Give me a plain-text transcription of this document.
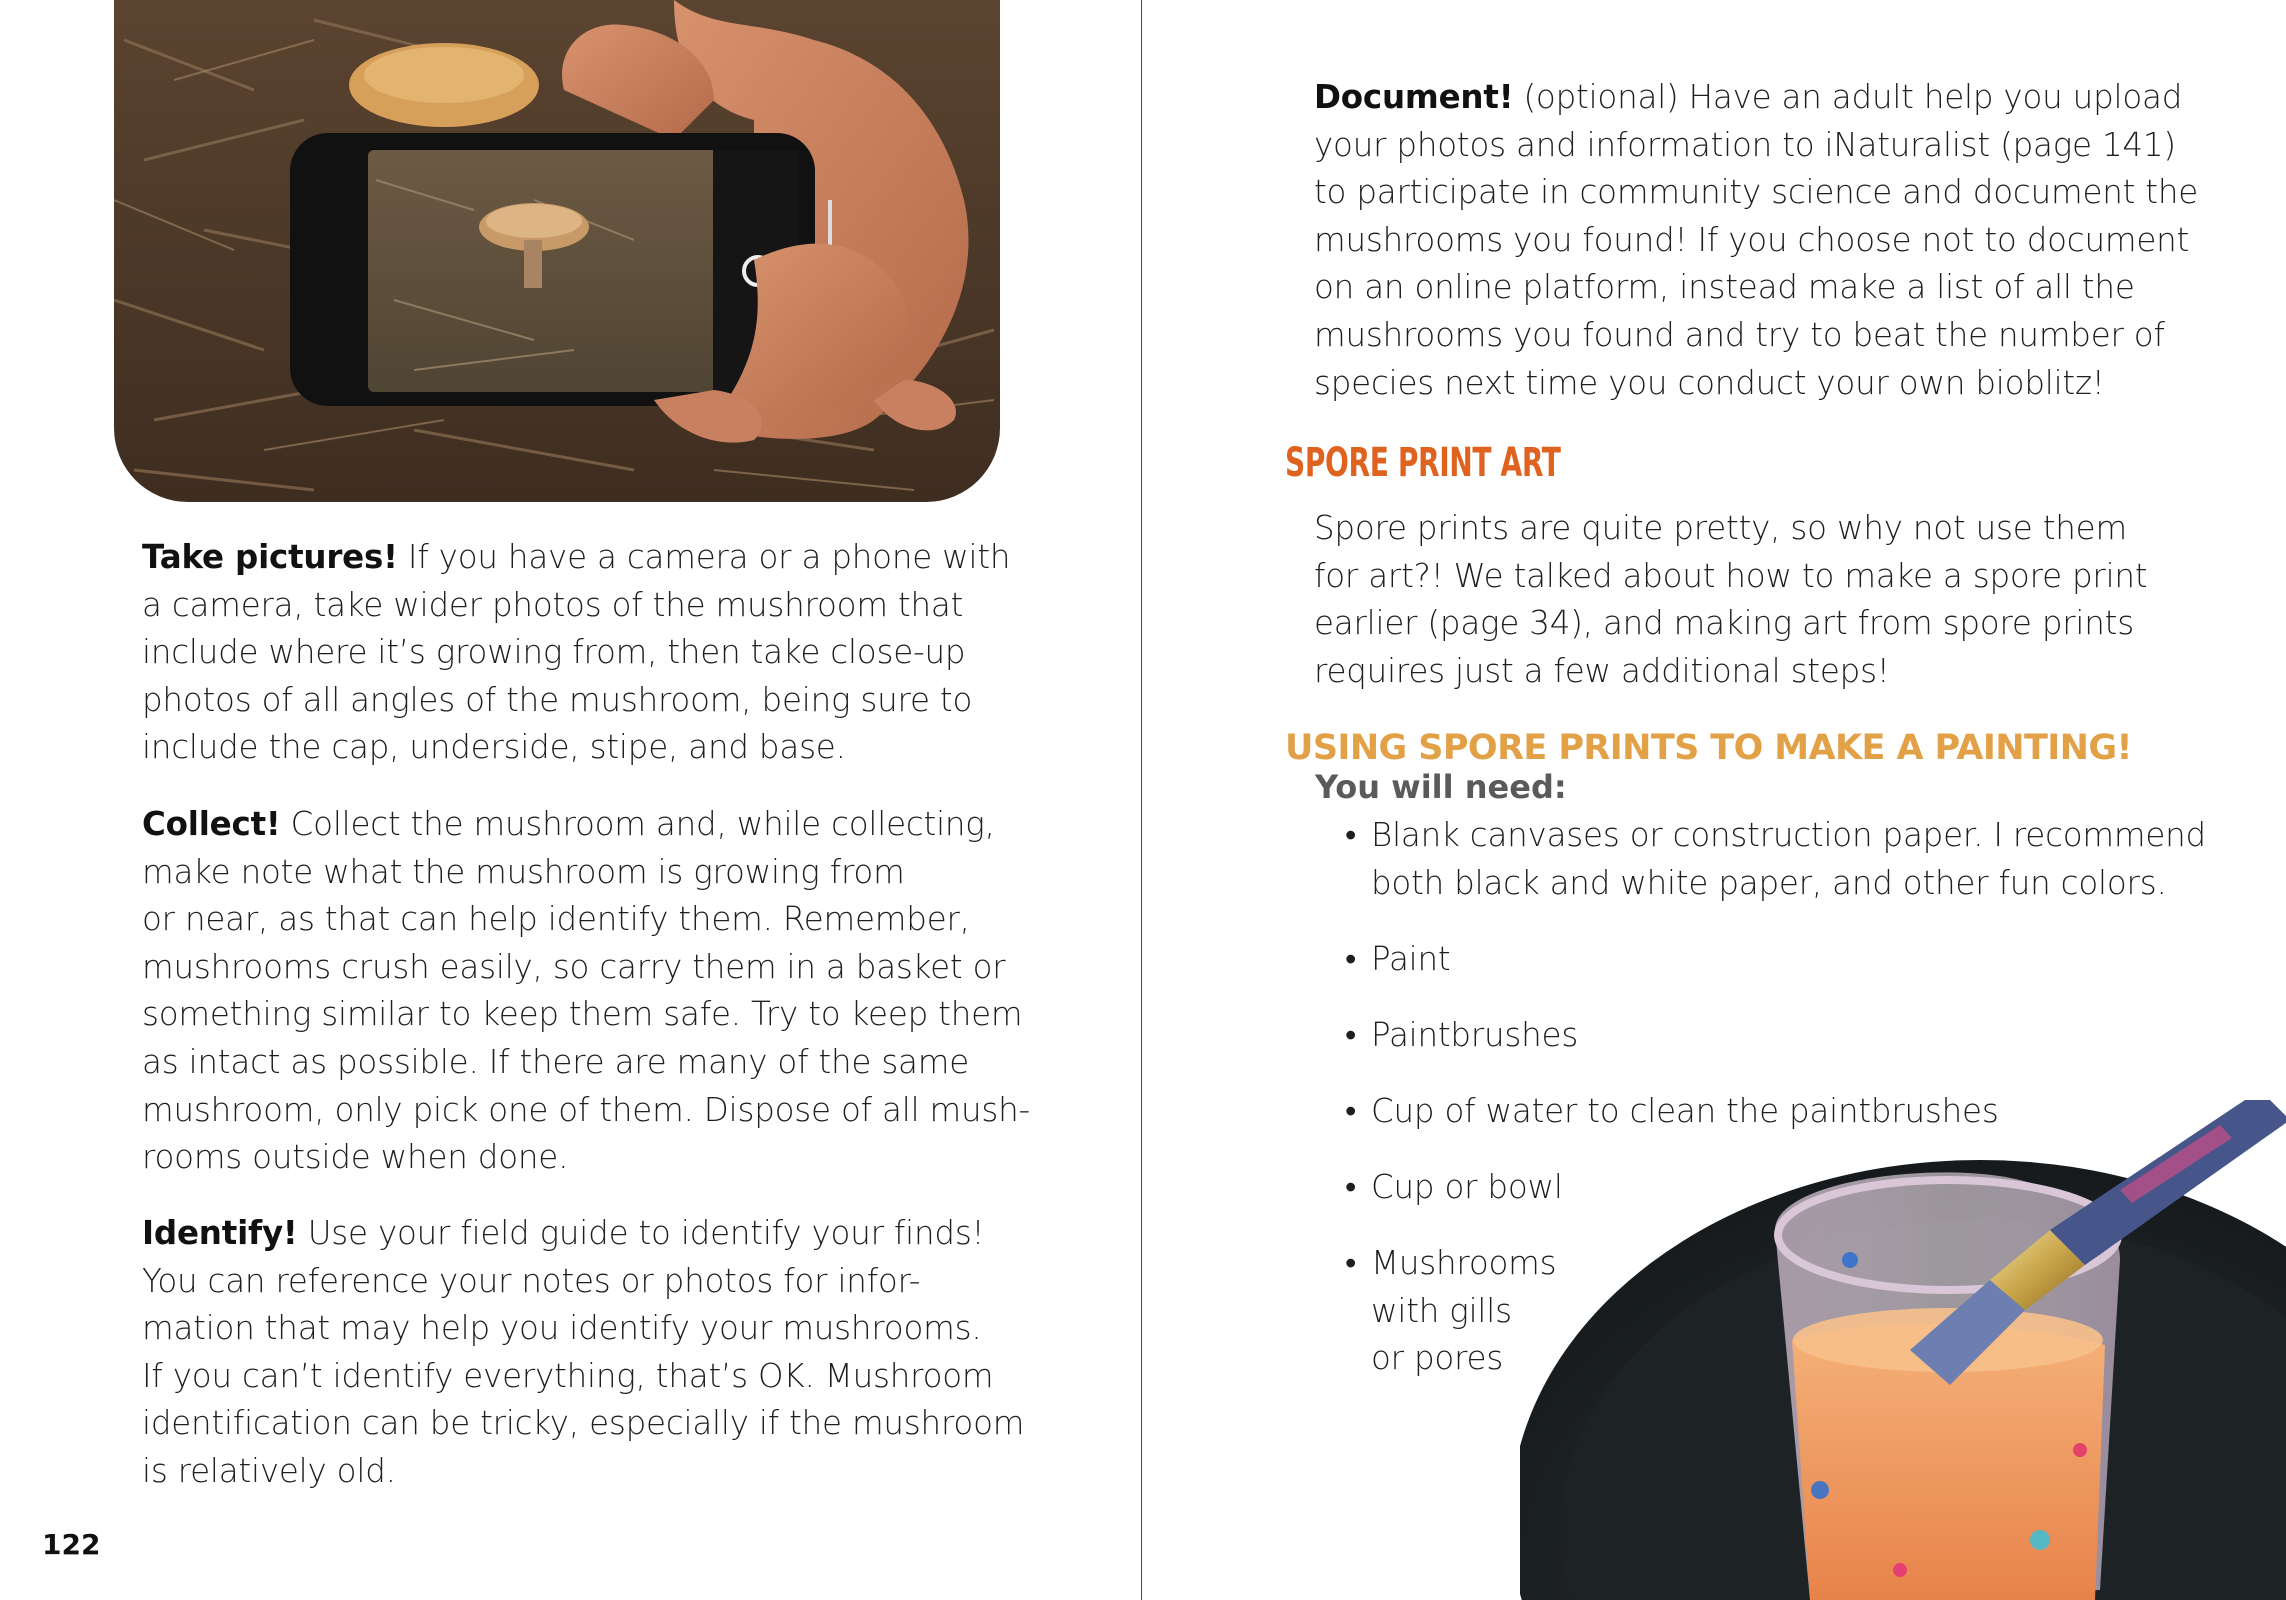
Take pictures! If you have a camera or a phone with
a camera, take wider photos of the mushroom that
include where it’s growing from, then take close-up
photos of all angles of the mushroom, being sure to
include the cap, underside, stipe, and base.

Collect! Collect the mushroom and, while collecting,
make note what the mushroom is growing from
or near, as that can help identify them. Remember,
mushrooms crush easily, so carry them in a basket or
something similar to keep them safe. Try to keep them
as intact as possible. If there are many of the same
mushroom, only pick one of them. Dispose of all mush-
rooms outside when done.

Identify! Use your field guide to identify your finds!
You can reference your notes or photos for infor-
mation that may help you identify your mushrooms.
If you can’t identify everything, that’s OK. Mushroom
identification can be tricky, especially if the mushroom
is relatively old.

122

Document! (optional) Have an adult help you upload
your photos and information to iNaturalist (page 141)
to participate in community science and document the
mushrooms you found! If you choose not to document
on an online platform, instead make a list of all the
mushrooms you found and try to beat the number of
species next time you conduct your own bioblitz!

SPORE PRINT ART

Spore prints are quite pretty, so why not use them
for art?! We talked about how to make a spore print
earlier (page 34), and making art from spore prints
requires just a few additional steps!

USING SPORE PRINTS TO MAKE A PAINTING!

You will need:

• Blank canvases or construction paper. I recommend
both black and white paper, and other fun colors.
• Paint
• Paintbrushes
• Cup of water to clean the paintbrushes
• Cup or bowl
• Mushrooms
with gills
or pores
